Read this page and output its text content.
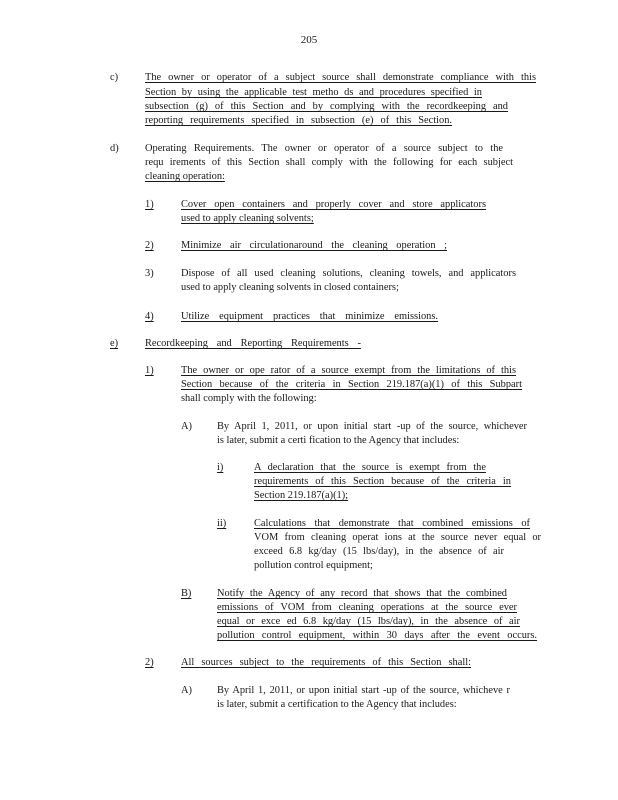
205
c)	The owner or operator of a subject source shall demonstrate compliance with this
Section by using the applicable test metho ds and procedures specified in
subsection (g) of this Section and by complying with the recordkeeping and
reporting requirements specified in subsection (e) of this Section.
d)	Operating Requirements. The owner or operator of a source subject to the
requ irements of this Section shall comply with the following for each subject
cleaning operation:
1)	Cover open containers and properly cover and store applicators
used to apply cleaning solvents;
2)	Minimize air circulationaround the cleaning operation ;
3)	Dispose of all used cleaning solutions, cleaning towels, and applicators
used to apply cleaning solvents in closed containers;
4)	Utilize equipment practices that minimize emissions.
e)	Recordkeeping and Reporting Requirements -
1)	The owner or ope rator of a source exempt from the limitations of this
Section because of the criteria in Section 219.187(a)(1) of this Subpart
shall comply with the following:
A) By April 1, 2011, or upon initial start -up of the source, whichever
is later, submit a certi fication to the Agency that includes:
i)	A declaration that the source is exempt from the
requirements of this Section because of the criteria in
Section 219.187(a)(1);
ii)	Calculations that demonstrate that combined emissions of
VOM from cleaning operat ions at the source never equal or
exceed 6.8 kg/day (15 lbs/day), in the absence of air
pollution control equipment;
B) Notify the Agency of any record that shows that the combined
emissions of VOM from cleaning operations at the source ever
equal or exce ed 6.8 kg/day (15 lbs/day), in the absence of air
pollution control equipment, within 30 days after the event occurs.
2)	All sources subject to the requirements of this Section shall:
A) By April 1, 2011, or upon initial start -up of the source, whicheve r
is later, submit a certification to the Agency that includes:
